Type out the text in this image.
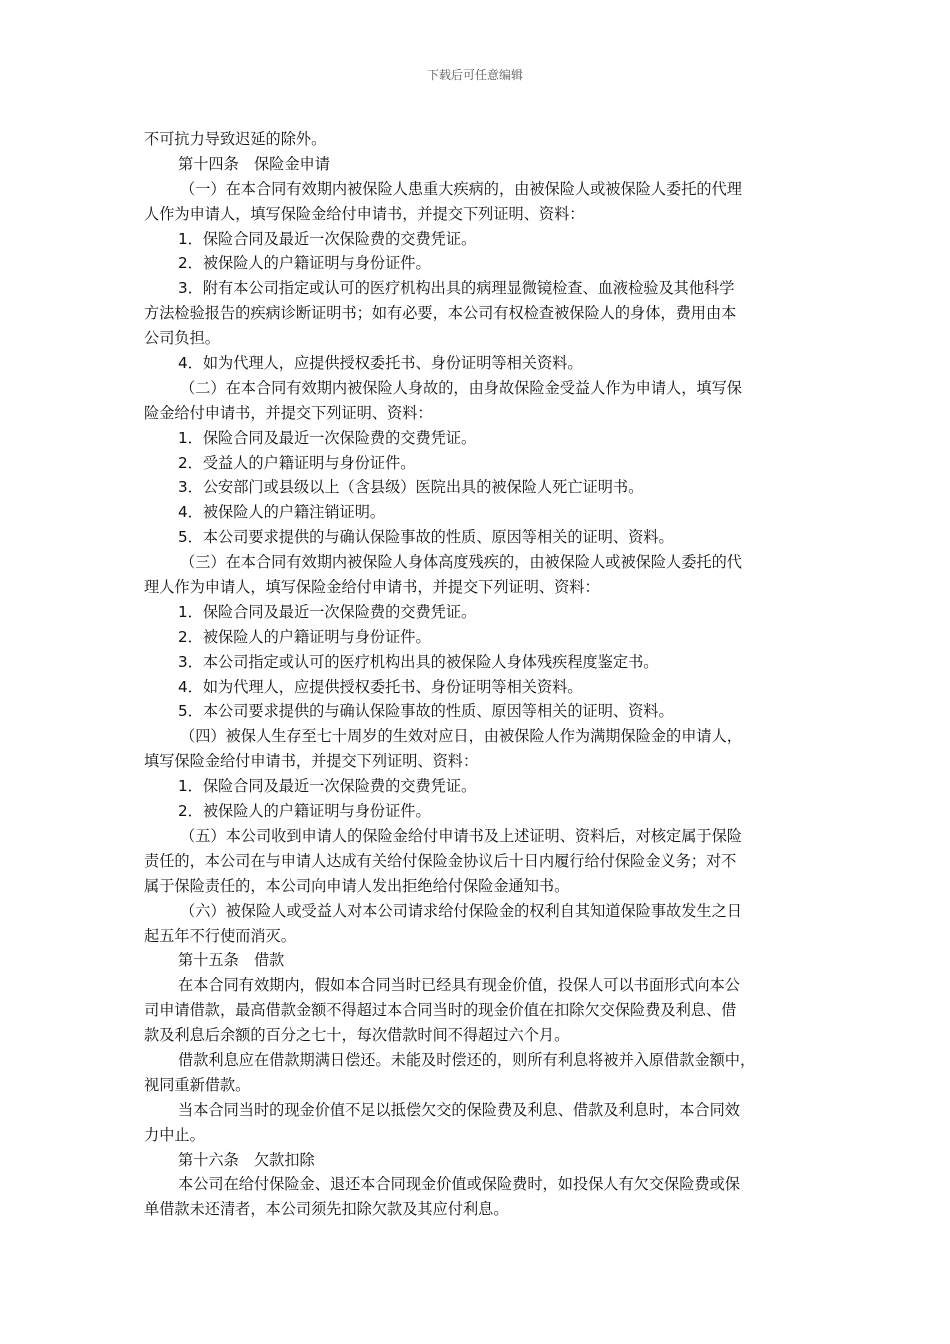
下载后可任意编辑
不可抗力导致迟延的除外。
第十四条　保险金申请
（一）在本合同有效期内被保险人患重大疾病的，由被保险人或被保险人委托的代理
人作为申请人，填写保险金给付申请书，并提交下列证明、资料：
1．保险合同及最近一次保险费的交费凭证。
2．被保险人的户籍证明与身份证件。
3．附有本公司指定或认可的医疗机构出具的病理显微镜检查、血液检验及其他科学
方法检验报告的疾病诊断证明书；如有必要，本公司有权检查被保险人的身体，费用由本
公司负担。
4．如为代理人，应提供授权委托书、身份证明等相关资料。
（二）在本合同有效期内被保险人身故的，由身故保险金受益人作为申请人，填写保
险金给付申请书，并提交下列证明、资料：
1．保险合同及最近一次保险费的交费凭证。
2．受益人的户籍证明与身份证件。
3．公安部门或县级以上（含县级）医院出具的被保险人死亡证明书。
4．被保险人的户籍注销证明。
5．本公司要求提供的与确认保险事故的性质、原因等相关的证明、资料。
（三）在本合同有效期内被保险人身体高度残疾的，由被保险人或被保险人委托的代
理人作为申请人，填写保险金给付申请书，并提交下列证明、资料：
1．保险合同及最近一次保险费的交费凭证。
2．被保险人的户籍证明与身份证件。
3．本公司指定或认可的医疗机构出具的被保险人身体残疾程度鉴定书。
4．如为代理人，应提供授权委托书、身份证明等相关资料。
5．本公司要求提供的与确认保险事故的性质、原因等相关的证明、资料。
（四）被保人生存至七十周岁的生效对应日，由被保险人作为满期保险金的申请人，
填写保险金给付申请书，并提交下列证明、资料：
1．保险合同及最近一次保险费的交费凭证。
2．被保险人的户籍证明与身份证件。
（五）本公司收到申请人的保险金给付申请书及上述证明、资料后，对核定属于保险
责任的，本公司在与申请人达成有关给付保险金协议后十日内履行给付保险金义务；对不
属于保险责任的，本公司向申请人发出拒绝给付保险金通知书。
（六）被保险人或受益人对本公司请求给付保险金的权利自其知道保险事故发生之日
起五年不行使而消灭。
第十五条　借款
在本合同有效期内，假如本合同当时已经具有现金价值，投保人可以书面形式向本公
司申请借款，最高借款金额不得超过本合同当时的现金价值在扣除欠交保险费及利息、借
款及利息后余额的百分之七十，每次借款时间不得超过六个月。
借款利息应在借款期满日偿还。未能及时偿还的，则所有利息将被并入原借款金额中，
视同重新借款。
当本合同当时的现金价值不足以抵偿欠交的保险费及利息、借款及利息时，本合同效
力中止。
第十六条　欠款扣除
本公司在给付保险金、退还本合同现金价值或保险费时，如投保人有欠交保险费或保
单借款未还清者，本公司须先扣除欠款及其应付利息。
